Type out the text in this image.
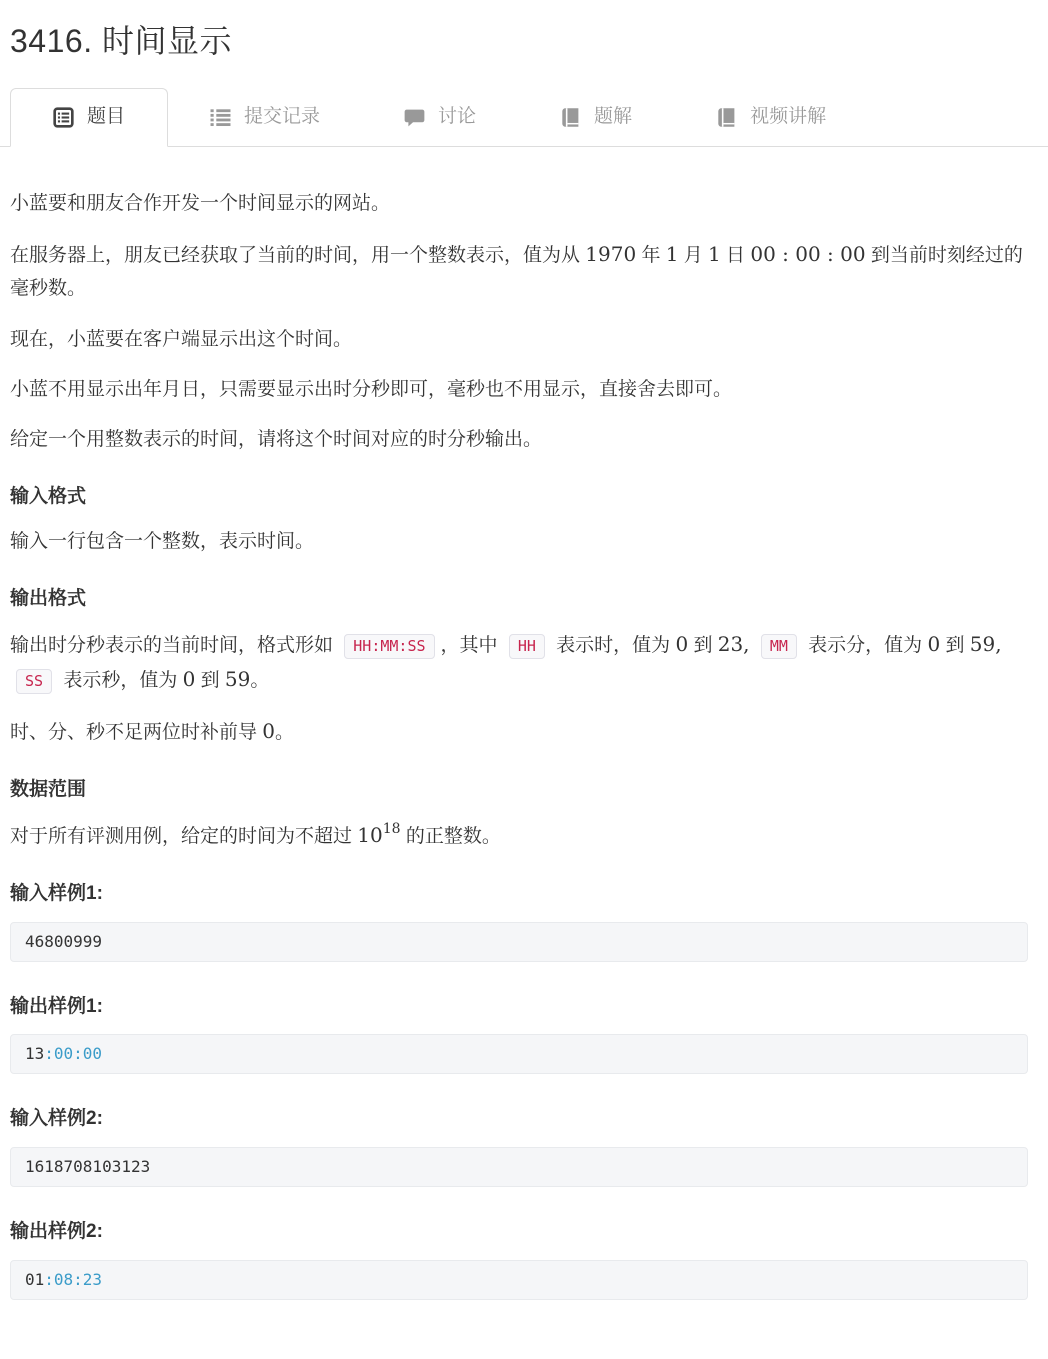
3416. 时间显示
题目	提交记录	讨论	题解	视频讲解

小蓝要和朋友合作开发一个时间显示的网站。

在服务器上，朋友已经获取了当前的时间，用一个整数表示，值为从 1970 年 1 月 1 日 00 : 00 : 00 到当前时刻经过的毫秒数。

现在，小蓝要在客户端显示出这个时间。

小蓝不用显示出年月日，只需要显示出时分秒即可，毫秒也不用显示，直接舍去即可。

给定一个用整数表示的时间，请将这个时间对应的时分秒输出。

输入格式

输入一行包含一个整数，表示时间。

输出格式

输出时分秒表示的当前时间，格式形如 HH:MM:SS ，其中 HH 表示时，值为 0 到 23, MM 表示分，值为 0 到 59, SS 表示秒，值为 0 到 59。

时、分、秒不足两位时补前导 0。

数据范围

对于所有评测用例，给定的时间为不超过 $10^{18}$ 的正整数。

输入样例1:
46800999
输出样例1:
13:00:00
输入样例2:
1618708103123
输出样例2:
01:08:23
